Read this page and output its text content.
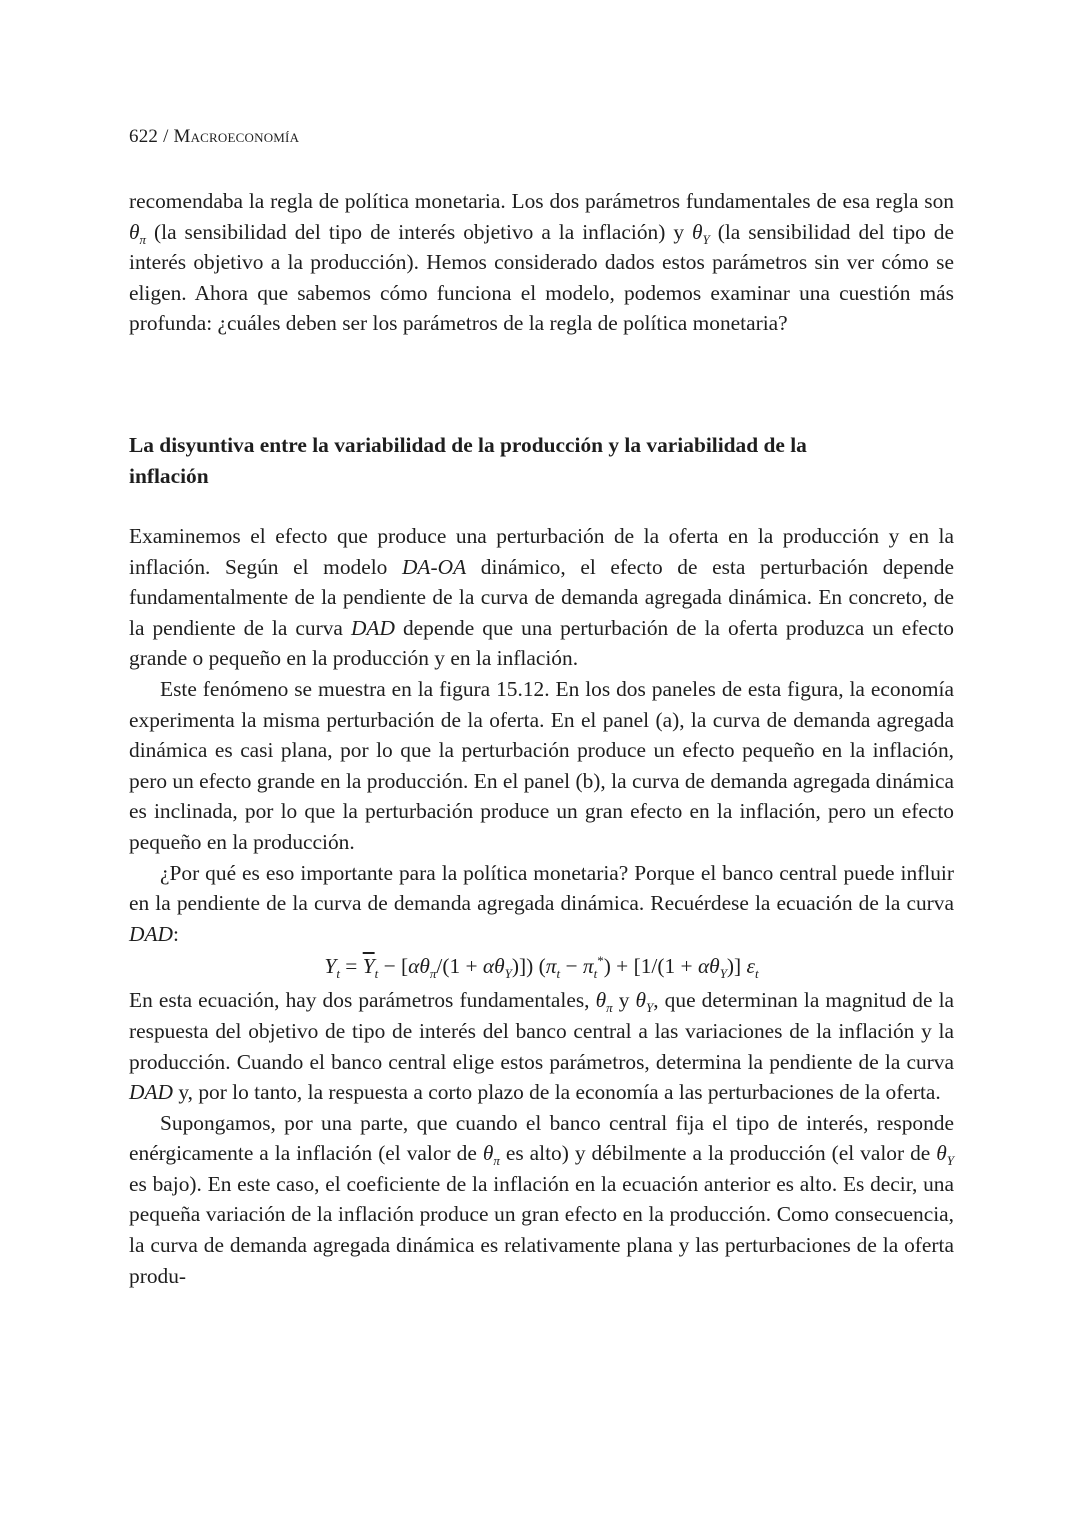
622 / Macroeconomía

recomendaba la regla de política monetaria. Los dos parámetros fundamentales de esa regla son $\theta_\pi$ (la sensibilidad del tipo de interés objetivo a la inflación) y $\theta_Y$ (la sensibilidad del tipo de interés objetivo a la producción). Hemos considerado dados estos parámetros sin ver cómo se eligen. Ahora que sabemos cómo funciona el modelo, podemos examinar una cuestión más profunda: ¿cuáles deben ser los parámetros de la regla de política monetaria?

La disyuntiva entre la variabilidad de la producción y la variabilidad de la inflación

Examinemos el efecto que produce una perturbación de la oferta en la producción y en la inflación. Según el modelo DA-OA dinámico, el efecto de esta perturbación depende fundamentalmente de la pendiente de la curva de demanda agregada dinámica. En concreto, de la pendiente de la curva DAD depende que una perturbación de la oferta produzca un efecto grande o pequeño en la producción y en la inflación.

Este fenómeno se muestra en la figura 15.12. En los dos paneles de esta figura, la economía experimenta la misma perturbación de la oferta. En el panel (a), la curva de demanda agregada dinámica es casi plana, por lo que la perturbación produce un efecto pequeño en la inflación, pero un efecto grande en la producción. En el panel (b), la curva de demanda agregada dinámica es inclinada, por lo que la perturbación produce un gran efecto en la inflación, pero un efecto pequeño en la producción.

¿Por qué es eso importante para la política monetaria? Porque el banco central puede influir en la pendiente de la curva de demanda agregada dinámica. Recuérdese la ecuación de la curva DAD:

$Y_t = \overline{Y}_t - [\alpha\theta_\pi/(1 + \alpha\theta_Y)]$) $(\pi_t - \pi_t^*) + [1/(1 + \alpha\theta_Y)]$ $\varepsilon_t$

En esta ecuación, hay dos parámetros fundamentales, $\theta_\pi$ y $\theta_Y$, que determinan la magnitud de la respuesta del objetivo de tipo de interés del banco central a las variaciones de la inflación y la producción. Cuando el banco central elige estos parámetros, determina la pendiente de la curva DAD y, por lo tanto, la respuesta a corto plazo de la economía a las perturbaciones de la oferta.

Supongamos, por una parte, que cuando el banco central fija el tipo de interés, responde enérgicamente a la inflación (el valor de $\theta_\pi$ es alto) y débilmente a la producción (el valor de $\theta_Y$ es bajo). En este caso, el coeficiente de la inflación en la ecuación anterior es alto. Es decir, una pequeña variación de la inflación produce un gran efecto en la producción. Como consecuencia, la curva de demanda agregada dinámica es relativamente plana y las perturbaciones de la oferta produ-
